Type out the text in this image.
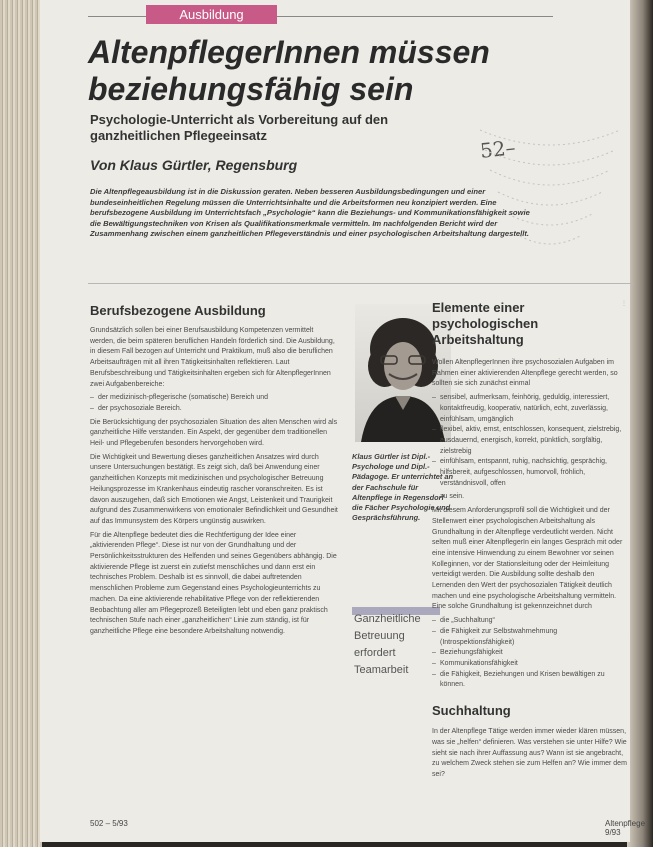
Ausbildung
AltenpflegerInnen müssen
beziehungsfähig sein

Psychologie-Unterricht als Vorbereitung auf den ganzheitlichen Pflegeeinsatz

Von Klaus Gürtler, Regensburg

52–

Die Altenpflegeausbildung ist in die Diskussion geraten. Neben besseren Ausbildungsbedingungen und einer bundeseinheitlichen Regelung müssen die Unterrichtsinhalte und die Arbeitsformen neu konzipiert werden. Eine berufsbezogene Ausbildung im Unterrichtsfach „Psychologie“ kann die Beziehungs- und Kommunikationsfähigkeit sowie die Bewältigungstechniken von Krisen als Qualifikationsmerkmale vermitteln. Im nachfolgenden Bericht wird der Zusammenhang zwischen einem ganzheitlichen Pflegeverständnis und einer psychologischen Arbeitshaltung dargestellt.

Berufsbezogene Ausbildung

Grundsätzlich sollen bei einer Berufsausbildung Kompetenzen vermittelt werden, die beim späteren beruflichen Handeln förderlich sind. Die Ausbildung, in diesem Fall bezogen auf Unterricht und Praktikum, muß also die beruflichen Arbeitsaufträgen mit all ihren Tätigkeitsinhalten reflektieren. Laut Berufsbeschreibung und Tätigkeitsinhalten ergeben sich für AltenpflegerInnen zwei Aufgabenbereiche:

– der medizinisch-pflegerische (somatische) Bereich und
– der psychosoziale Bereich.

Die Berücksichtigung der psychosozialen Situation des alten Menschen wird als ganzheitliche Hilfe verstanden. Ein Aspekt, der gegenüber dem traditionellen Heil- und Pflegeberufen besonders hervorgehoben wird.

Die Wichtigkeit und Bewertung dieses ganzheitlichen Ansatzes wird durch unsere Untersuchungen bestätigt. Es zeigt sich, daß bei Anwendung einer ganzheitlichen Konzepts mit medizinischen und psychologischer Betreuung Heilungsprozesse im Krankenhaus eindeutig rascher voranschreiten. Es ist davon auszugehen, daß sich Emotionen wie Angst, Leistenkeit und Traurigkeit aufgrund des Zusammenwirkens von emotionaler Befindlichkeit und Gesundheit auf das Immunsystem des Körpers ungünstig auswirken.

Für die Altenpflege bedeutet dies die Rechtfertigung der Idee einer „aktivierenden Pflege“. Diese ist nur von der Grundhaltung und der Persönlichkeitsstrukturen des Helfenden und seines Gegenübers abhängig. Die aktivierende Pflege ist zuerst ein zutiefst menschliches und dann erst ein technisches Problem. Deshalb ist es sinnvoll, die dabei auftretenden menschlichen Probleme zum Gegenstand eines Psychologieunterrichts zu machen. Da eine aktivierende rehabilitative Pflege von der reflektierenden Beobachtung aller am Pflegeprozeß Beteiligten lebt und eben ganz praktisch technischen Stufe nach einer „ganzheitlichen“ Linie zum ständig, ist für ganzheitliche Pflege eine besondere Arbeitshaltung notwendig.

Klaus Gürtler ist Dipl.-Psychologe und Dipl.-Pädagoge. Er unterrichtet an der Fachschule für Altenpflege in Regensdorf die Fächer Psychologie und Gesprächsführung.

Ganzheitliche
Betreuung
erfordert
Teamarbeit

Elemente einer psychologischen Arbeitshaltung

Wollen AltenpflegerInnen ihre psychosozialen Aufgaben im Rahmen einer aktivierenden Altenpflege gerecht werden, so sollten sie sich zunächst einmal

– sensibel, aufmerksam, feinhörig, geduldig, interessiert, kontaktfreudig, kooperativ, natürlich, echt, zuverlässig, einfühlsam, umgänglich
– flexibel, aktiv, ernst, entschlossen, konsequent, zielstrebig, ausdauernd, energisch, korrekt, pünktlich, sorgfältig, zielstrebig
– einfühlsam, entspannt, ruhig, nachsichtig, gesprächig, hilfsbereit, aufgeschlossen, humorvoll, fröhlich, verständnisvoll, offen

zu sein.

Mit diesem Anforderungsprofil soll die Wichtigkeit und der Stellenwert einer psychologischen Arbeitshaltung als Grundhaltung in der Altenpflege verdeutlicht werden. Nicht selten muß einer AltenpflegerIn ein langes Gespräch mit oder eine intensive Hinwendung zu einem Bewohner vor seinen Kolleginnen, vor der Stationsleitung oder der Heimleitung verteidigt werden. Die Ausbildung sollte deshalb den Lernenden den Wert der psychosozialen Tätigkeit deutlich machen und eine psychologische Arbeitshaltung vermitteln. Eine solche Grundhaltung ist gekennzeichnet durch

– die „Suchhaltung“
– die Fähigkeit zur Selbstwahrnehmung (Introspektionsfähigkeit)
– Beziehungsfähigkeit
– Kommunikationsfähigkeit
– die Fähigkeit, Beziehungen und Krisen bewältigen zu können.
Suchhaltung

In der Altenpflege Tätige werden immer wieder klären müssen, was sie „helfen“ definieren. Was verstehen sie unter Hilfe? Wie sieht sie nach ihrer Auffassung aus? Wann ist sie angebracht, zu welchem Zweck stehen sie zum Helfen an? Wie immer dem sei?

⋮
502 – 5/93	Altenpflege 9/93
